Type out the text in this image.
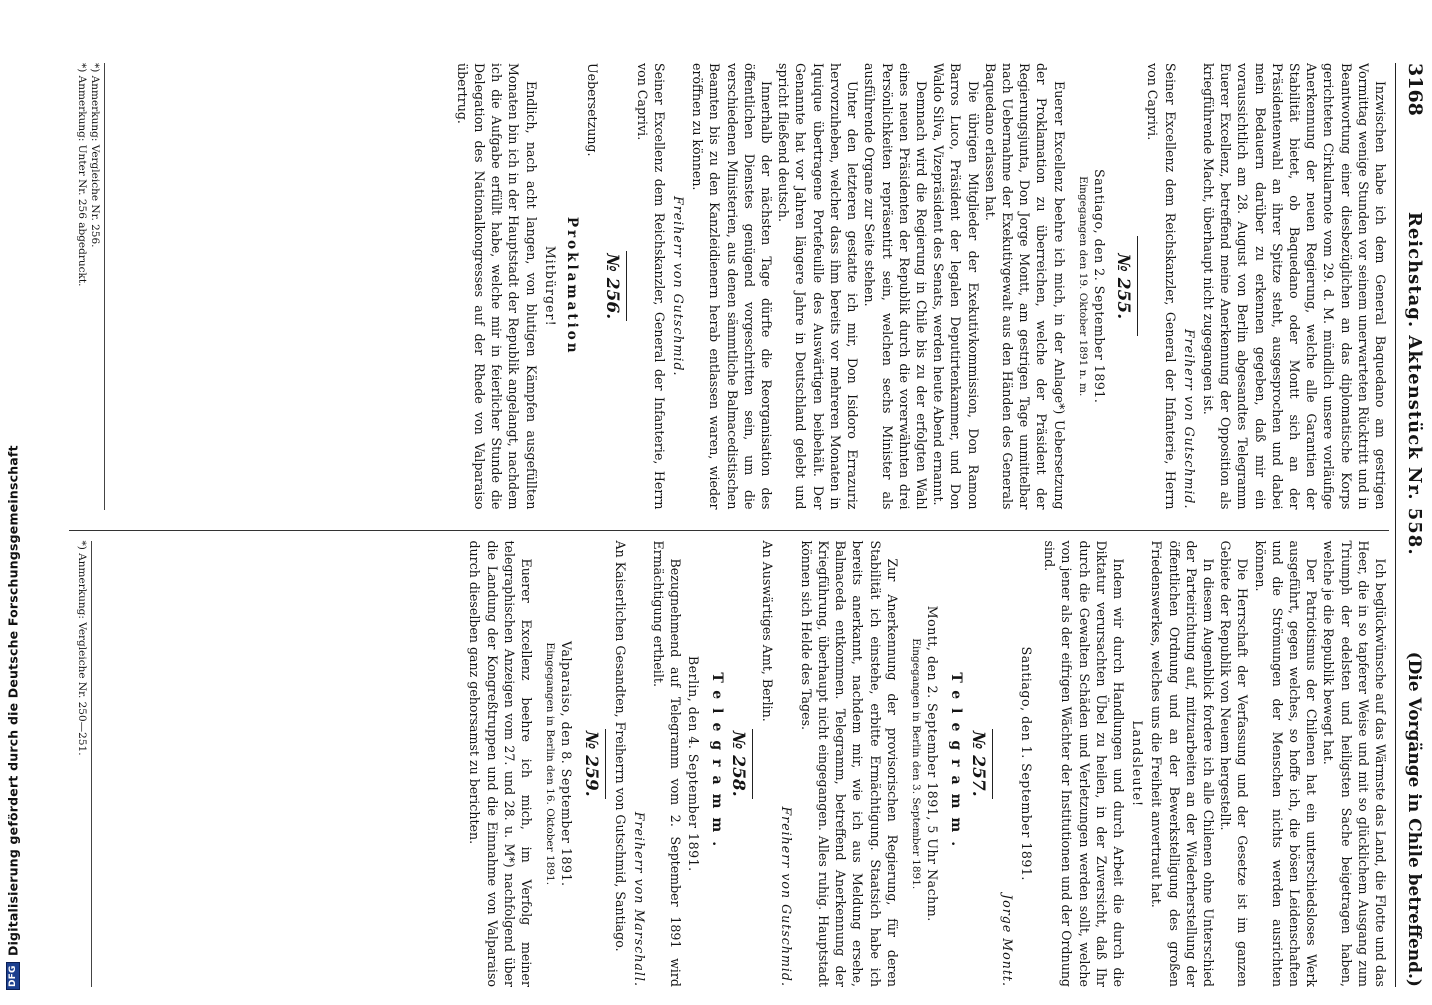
DFG
Digitalisierung gefördert durch die Deutsche Forschungsgemeinschaft
3168
Reichstag. Aktenstück Nr. 558.
(Die Vorgänge in Chile betreffend.)

Inzwischen habe ich dem General Baquedano am gestrigen Vormittag wenige Stunden vor seinem unerwarteten Rücktritt und in Beantwortung einer diesbezüglichen an das diplomatische Korps gerichteten Cirkularnote vom 29. d. M. mündlich unsere vorläufige Anerkennung der neuen Regierung, welche alle Garantien der Stabilität bietet, ob Baquedano oder Montt sich an der Präsidentenwahl an ihrer Spitze steht, ausgesprochen und dabei mein Bedauern darüber zu erkennen gegeben, daß mir ein voraussichtlich am 28. August von Berlin abgesandtes Telegramm Euerer Excellenz, betreffend meine Anerkennung der Opposition als kriegführende Macht, überhaupt nicht zugegangen ist.

Freiherr von Gutschmid.
Seiner Excellenz dem Reichskanzler, General der Infanterie, Herrn von Caprivi.
№ 255.
Santiago, den 2. September 1891.
Eingegangen den 19. Oktober 1891 n. m.

Euerer Excellenz beehre ich mich, in der Anlage*) Uebersetzung der Proklamation zu überreichen, welche der Präsident der Regierungsjunta, Don Jorge Montt, am gestrigen Tage unmittelbar nach Uebernahme der Exekutivgewalt aus den Händen des Generals Baquedano erlassen hat.

Die übrigen Mitglieder der Exekutivkommission, Don Ramon Barros Luco, Präsident der legalen Deputirtenkammer, und Don Waldo Silva, Vizepräsident des Senats, werden heute Abend ernannt.

Demnach wird die Regierung in Chile bis zu der erfolgten Wahl eines neuen Präsidenten der Republik durch die vorerwähnten drei Persönlichkeiten repräsentirt sein, welchen sechs Minister als ausführende Organe zur Seite stehen.

Unter den letzteren gestatte ich mir, Don Isidoro Errazuriz hervorzuheben, welcher dass ihm bereits vor mehreren Monaten in Iquique übertragene Portefeuille des Auswärtigen beibehält. Der Genannte hat vor Jahren längere Jahre in Deutschland gelebt und spricht fließend deutsch.

Innerhalb der nächsten Tage dürfte die Reorganisation des öffentlichen Dienstes genügend vorgeschritten sein, um die verschiedenen Ministerien, aus denen sämmtliche Balmacedistischen Beamten bis zu den Kanzleidienern herab entlassen waren, wieder eröffnen zu können.

Freiherr von Gutschmid.
Seiner Excellenz dem Reichskanzler, General der Infanterie, Herrn von Caprivi.
№ 256.
Uebersetzung.
Proklamation
Mitbürger!

Endlich, nach acht langen, von blutigen Kämpfen ausgefüllten Monaten bin ich in der Hauptstadt der Republik angelangt, nachdem ich die Aufgabe erfüllt habe, welche mir in feierlicher Stunde die Delegation des Nationalkongresses auf der Rhede von Valparaiso übertrug.

*) Anmerkung: Vergleiche Nr. 256.
*) Anmerkung: Unter Nr. 256 abgedruckt.

Ich beglückwünsche auf das Wärmste das Land, die Flotte und das Heer, die in so tapferer Weise und mit so glücklichem Ausgang zum Triumph der edelsten und heiligsten Sache beigetragen haben, welche je die Republik bewegt hat.

Der Patriotismus der Chilenen hat ein unterschiedsloses Werk ausgeführt, gegen welches, so hoffe ich, die bösen Leidenschaften und die Strömungen der Menschen nichts werden ausrichten können.

Die Herrschaft der Verfassung und der Gesetze ist im ganzen Gebiete der Republik von Neuem hergestellt.

In diesem Augenblick fordere ich alle Chilenen ohne Unterschied der Parteirichtung auf, mitzuarbeiten an der Wiederherstellung der öffentlichen Ordnung und an der Bewerkstelligung des großen Friedenswerkes, welches uns die Freiheit anvertraut hat.

Landsleute!

Indem wir durch Handlungen und durch Arbeit die durch die Diktatur verursachten Übel zu heilen, in der Zuversicht, daß Ihr durch die Gewalten Schäden und Verletzungen werden sollt, welche von jener als der eifrigen Wächter der Institutionen und der Ordnung sind.

Santiago, den 1. September 1891.
Jorge Montt.
№ 257.
Telegramm.
Montt, den 2. September 1891, 5 Uhr Nachm.
Eingegangen in Berlin den 3. September 1891.

Zur Anerkennung der provisorischen Regierung, für deren Stabilität ich einstehe, erbitte Ermächtigung. Staatsich habe ich bereits anerkannt, nachdem mir, wie ich aus Meldung ersehe, Balmaceda entkommen. Telegramm, betreffend Anerkennung der Kriegführung, überhaupt nicht eingegangen. Alles ruhig. Hauptstadt können sich Helde des Tages.

Freiherr von Gutschmid.
An Auswärtiges Amt, Berlin.
№ 258.
Telegramm.
Berlin, den 4. September 1891.

Bezugnehmend auf Telegramm vom 2. September 1891 wird Ermächtigung ertheilt.

Freiherr von Marschall.
An Kaiserlichen Gesandten, Freiherrn von Gutschmid, Santiago.
№ 259.
Valparaiso, den 8. September 1891.
Eingegangen in Berlin den 16. Oktober 1891.

Euerer Excellenz beehre ich mich, im Verfolg meiner telegraphischen Anzeigen vom 27. und 28. u. M*) nachfolgend über die Landung der Kongreßtruppen und die Einnahme von Valparaiso durch dieselben ganz gehorsamst zu berichten.

*) Anmerkung: Vergleiche Nr. 250—251.
